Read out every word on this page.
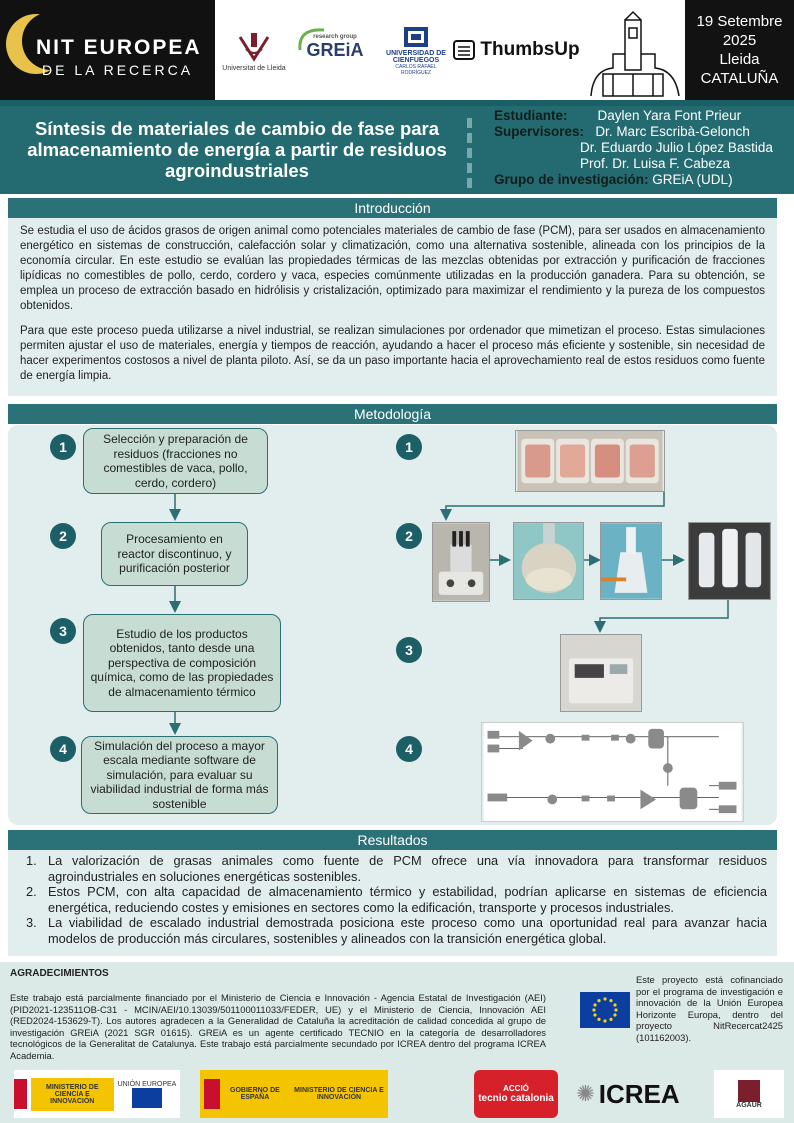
NIT EUROPEA
DE LA RECERCA	Universitat de Lleida
research group
GREiA	UNIVERSIDAD DE CIENFUEGOS
CARLOS RAFAEL RODRÍGUEZ
ThumbsUp
19 Setembre
2025
Lleida
CATALUÑA
Síntesis de materiales de cambio de fase para almacenamiento de energía a partir de residuos agroindustriales
Estudiante: Daylen Yara Font Prieur
Supervisores: Dr. Marc Escribà-Gelonch
Dr. Eduardo Julio López Bastida
Prof. Dr. Luisa F. Cabeza
Grupo de investigación: GREiA (UDL)
Introducción

Se estudia el uso de ácidos grasos de origen animal como potenciales materiales de cambio de fase (PCM), para ser usados en almacenamiento energético en sistemas de construcción, calefacción solar y climatización, como una alternativa sostenible, alineada con los principios de la economía circular. En este estudio se evalúan las propiedades térmicas de las mezclas obtenidas por extracción y purificación de fracciones lipídicas no comestibles de pollo, cerdo, cordero y vaca, especies comúnmente utilizadas en la producción ganadera. Para su obtención, se emplea un proceso de extracción basado en hidrólisis y cristalización, optimizado para maximizar el rendimiento y la pureza de los compuestos obtenidos.

Para que este proceso pueda utilizarse a nivel industrial, se realizan simulaciones por ordenador que mimetizan el proceso. Estas simulaciones permiten ajustar el uso de materiales, energía y tiempos de reacción, ayudando a hacer el proceso más eficiente y sostenible, sin necesidad de hacer experimentos costosos a nivel de planta piloto. Así, se da un paso importante hacia el aprovechamiento real de estos residuos como fuente de energía limpia.

Metodología
1
2
3
4
Selección y preparación de residuos (fracciones no comestibles de vaca, pollo, cerdo, cordero)
Procesamiento en reactor discontinuo, y purificación posterior
Estudio de los productos obtenidos, tanto desde una perspectiva de composición química, como de las propiedades de almacenamiento térmico
Simulación del proceso a mayor escala mediante software de simulación, para evaluar su viabilidad industrial de forma más sostenible
1
2
3
4
Resultados
1. La valorización de grasas animales como fuente de PCM ofrece una vía innovadora para transformar residuos agroindustriales en soluciones energéticas sostenibles.
2. Estos PCM, con alta capacidad de almacenamiento térmico y estabilidad, podrían aplicarse en sistemas de eficiencia energética, reduciendo costes y emisiones en sectores como la edificación, transporte y procesos industriales.
3. La viabilidad de escalado industrial demostrada posiciona este proceso como una oportunidad real para avanzar hacia modelos de producción más circulares, sostenibles y alineados con la transición energética global.
AGRADECIMIENTOS
Este trabajo está parcialmente financiado por el Ministerio de Ciencia e Innovación - Agencia Estatal de Investigación (AEI) (PID2021-123511OB-C31 - MCIN/AEI/10.13039/501100011033/FEDER, UE) y el Ministerio de Ciencia, Innovación AEI (RED2024-153629-T). Los autores agradecen a la Generalidad de Cataluña la acreditación de calidad concedida al grupo de investigación GREiA (2021 SGR 01615). GREiA es un agente certificado TECNIO en la categoría de desarrolladores tecnológicos de la Generalitat de Catalunya. Este trabajo está parcialmente secundado por ICREA dentro del programa ICREA Academia.
Este proyecto está cofinanciado por el programa de investigación e innovación de la Unión Europea Horizonte Europa, dentro del proyecto NitRecercat2425 (101162003).
MINISTERIO DE CIENCIA E INNOVACIÓN
UNIÓN EUROPEA
GOBIERNO DE ESPAÑA
MINISTERIO DE CIENCIA E INNOVACIÓN
ACCIÓ
tecnio catalonia ✺ ICREA	AGAUR
